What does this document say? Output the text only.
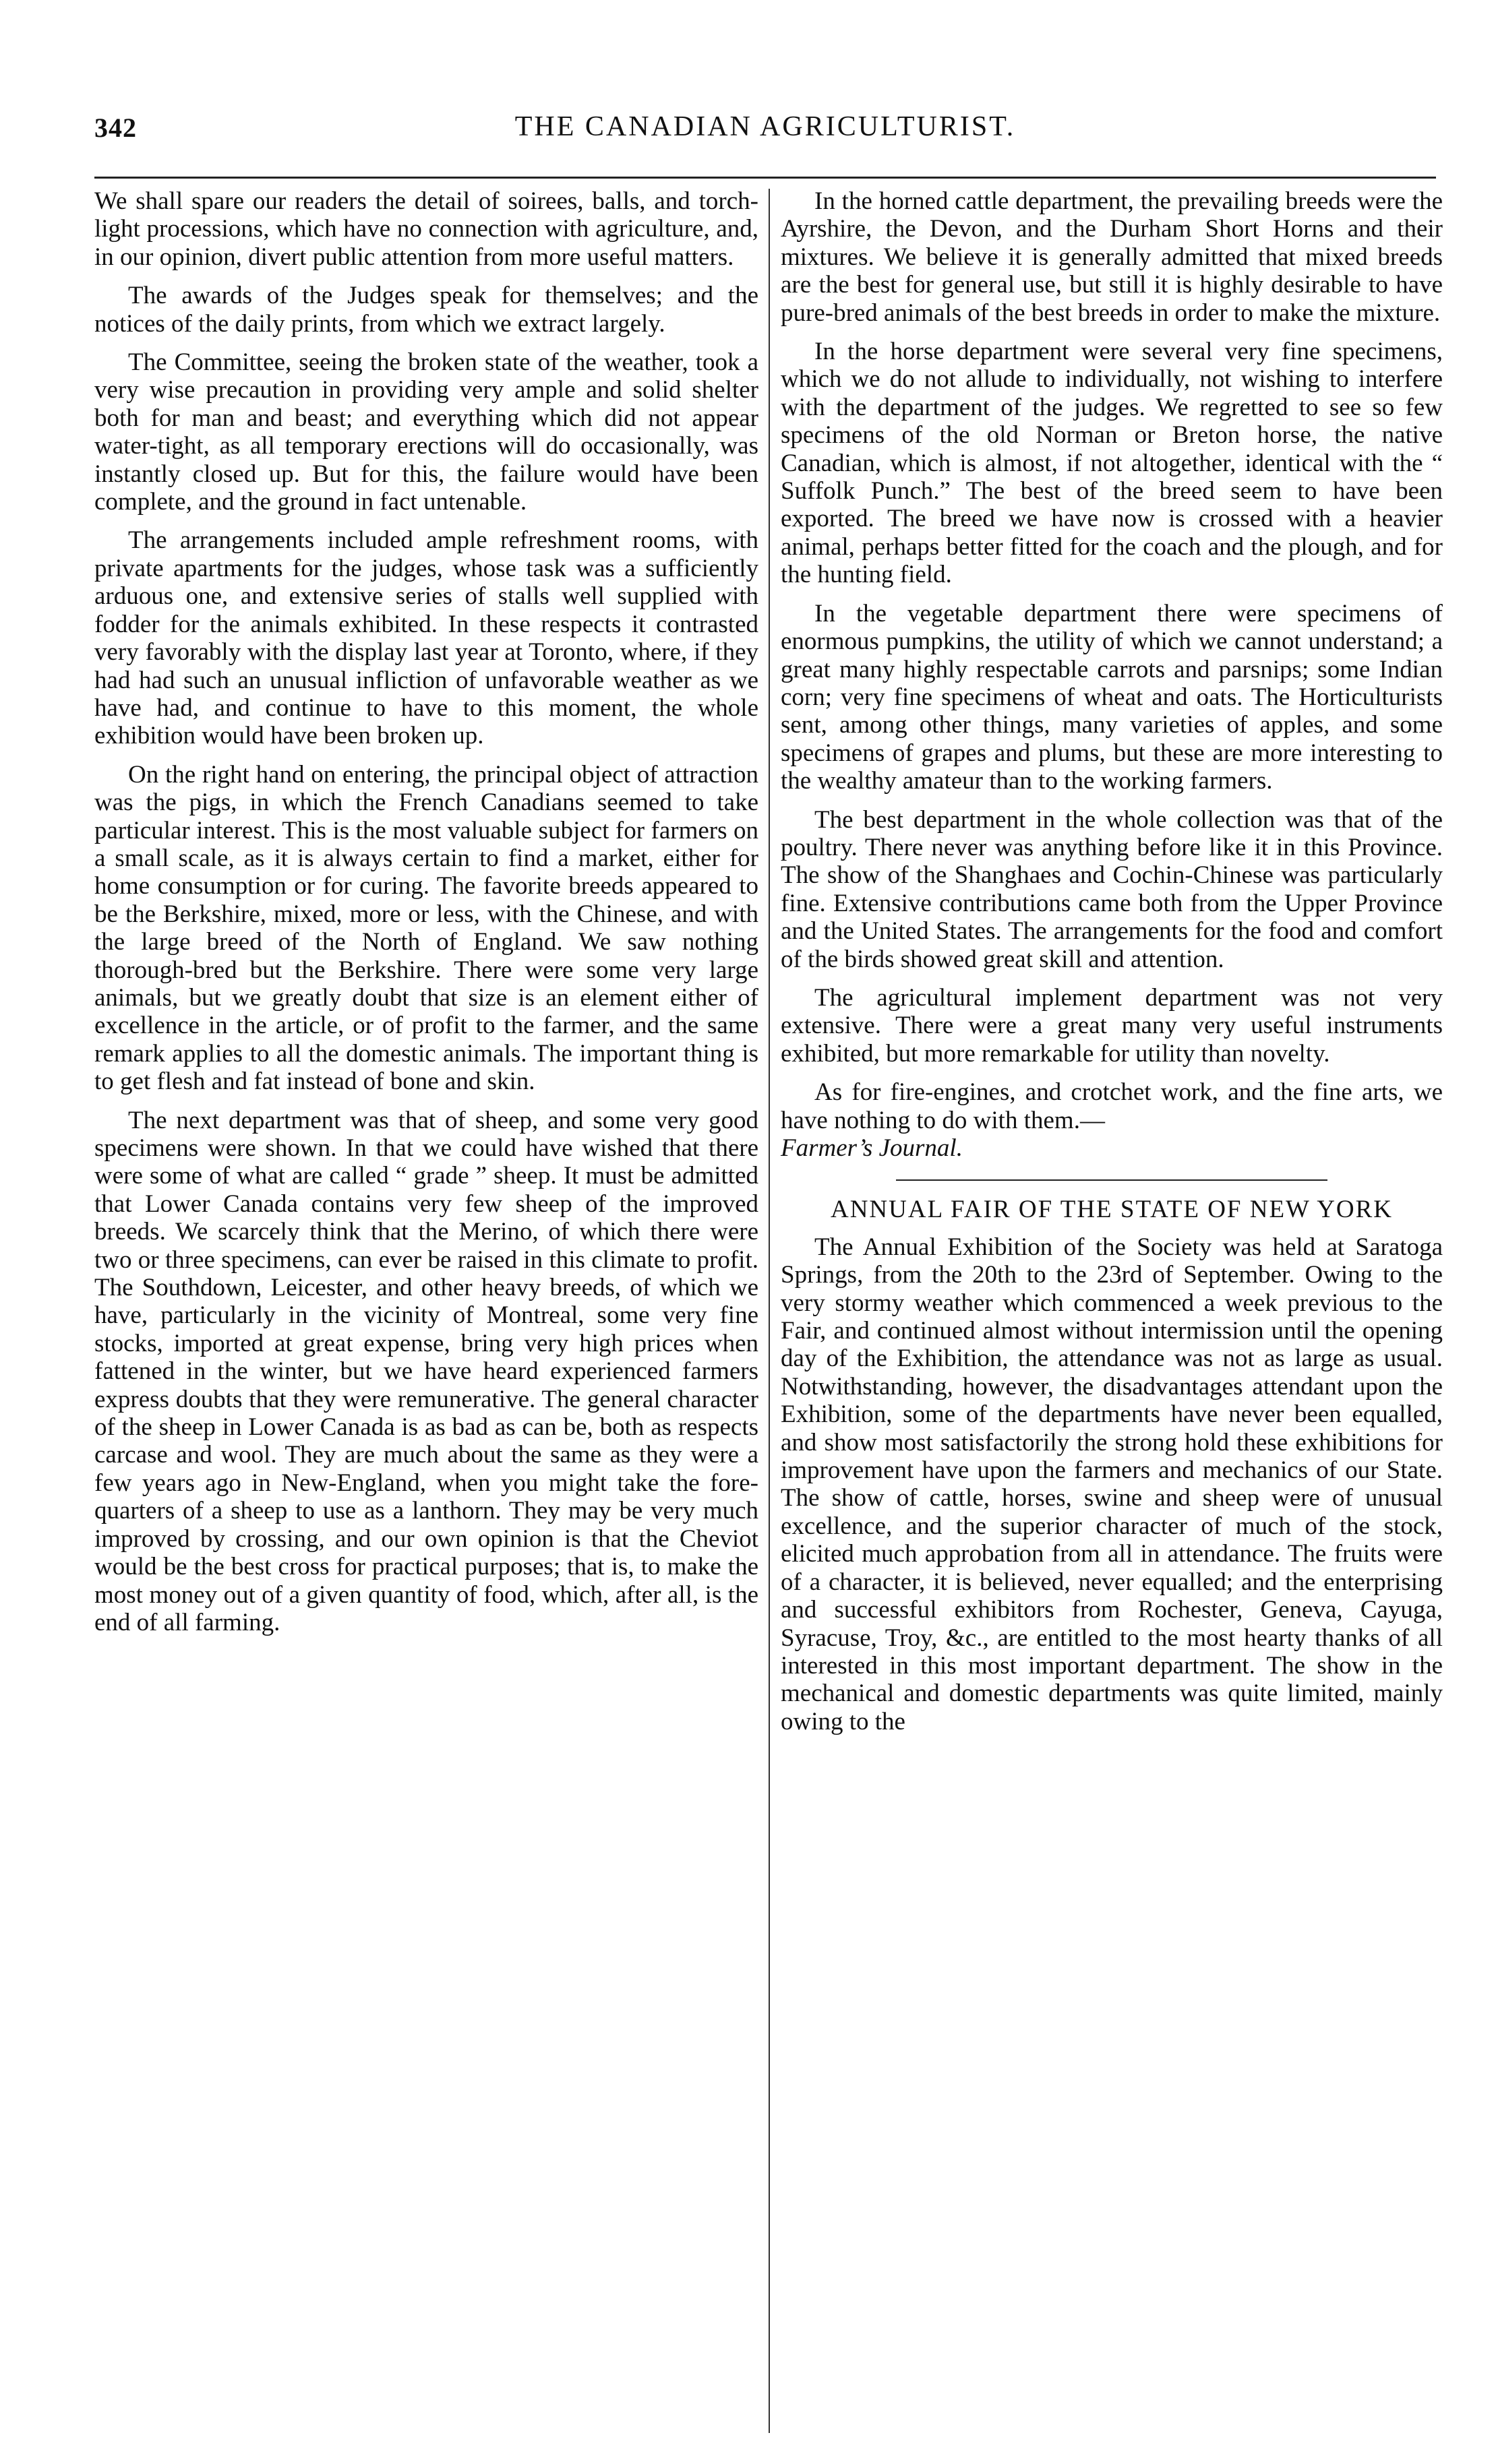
342	THE CANADIAN AGRICULTURIST.

We shall spare our readers the detail of soirees, balls, and torch-light processions, which have no connection with agriculture, and, in our opinion, divert public attention from more useful matters.

The awards of the Judges speak for themselves; and the notices of the daily prints, from which we extract largely.

The Committee, seeing the broken state of the weather, took a very wise precaution in providing very ample and solid shelter both for man and beast; and everything which did not appear water-tight, as all temporary erections will do occasionally, was instantly closed up. But for this, the failure would have been complete, and the ground in fact untenable.

The arrangements included ample refreshment rooms, with private apartments for the judges, whose task was a sufficiently arduous one, and extensive series of stalls well supplied with fodder for the animals exhibited. In these respects it contrasted very favorably with the display last year at Toronto, where, if they had had such an unusual infliction of unfavorable weather as we have had, and continue to have to this moment, the whole exhibition would have been broken up.

On the right hand on entering, the principal object of attraction was the pigs, in which the French Canadians seemed to take particular interest. This is the most valuable subject for farmers on a small scale, as it is always certain to find a market, either for home consumption or for curing. The favorite breeds appeared to be the Berkshire, mixed, more or less, with the Chinese, and with the large breed of the North of England. We saw nothing thorough-bred but the Berkshire. There were some very large animals, but we greatly doubt that size is an element either of excellence in the article, or of profit to the farmer, and the same remark applies to all the domestic animals. The important thing is to get flesh and fat instead of bone and skin.

The next department was that of sheep, and some very good specimens were shown. In that we could have wished that there were some of what are called “ grade ” sheep. It must be admitted that Lower Canada contains very few sheep of the improved breeds. We scarcely think that the Merino, of which there were two or three specimens, can ever be raised in this climate to profit. The Southdown, Leicester, and other heavy breeds, of which we have, particularly in the vicinity of Montreal, some very fine stocks, imported at great expense, bring very high prices when fattened in the winter, but we have heard experienced farmers express doubts that they were remunerative. The general character of the sheep in Lower Canada is as bad as can be, both as respects carcase and wool. They are much about the same as they were a few years ago in New-England, when you might take the fore-quarters of a sheep to use as a lanthorn. They may be very much improved by crossing, and our own opinion is that the Cheviot would be the best cross for practical purposes; that is, to make the most money out of a given quantity of food, which, after all, is the end of all farming.

In the horned cattle department, the prevailing breeds were the Ayrshire, the Devon, and the Durham Short Horns and their mixtures. We believe it is generally admitted that mixed breeds are the best for general use, but still it is highly desirable to have pure-bred animals of the best breeds in order to make the mixture.

In the horse department were several very fine specimens, which we do not allude to individually, not wishing to interfere with the department of the judges. We regretted to see so few specimens of the old Norman or Breton horse, the native Canadian, which is almost, if not altogether, identical with the “ Suffolk Punch.” The best of the breed seem to have been exported. The breed we have now is crossed with a heavier animal, perhaps better fitted for the coach and the plough, and for the hunting field.

In the vegetable department there were specimens of enormous pumpkins, the utility of which we cannot understand; a great many highly respectable carrots and parsnips; some Indian corn; very fine specimens of wheat and oats. The Horticulturists sent, among other things, many varieties of apples, and some specimens of grapes and plums, but these are more interesting to the wealthy amateur than to the working farmers.

The best department in the whole collection was that of the poultry. There never was anything before like it in this Province. The show of the Shanghaes and Cochin-Chinese was particularly fine. Extensive contributions came both from the Upper Province and the United States. The arrangements for the food and comfort of the birds showed great skill and attention.

The agricultural implement department was not very extensive. There were a great many very useful instruments exhibited, but more remarkable for utility than novelty.

As for fire-engines, and crotchet work, and the fine arts, we have nothing to do with them.—
Farmer’s Journal.

ANNUAL FAIR OF THE STATE OF NEW YORK

The Annual Exhibition of the Society was held at Saratoga Springs, from the 20th to the 23rd of September. Owing to the very stormy weather which commenced a week previous to the Fair, and continued almost without intermission until the opening day of the Exhibition, the attendance was not as large as usual. Notwithstanding, however, the disadvantages attendant upon the Exhibition, some of the departments have never been equalled, and show most satisfactorily the strong hold these exhibitions for improvement have upon the farmers and mechanics of our State. The show of cattle, horses, swine and sheep were of unusual excellence, and the superior character of much of the stock, elicited much approbation from all in attendance. The fruits were of a character, it is believed, never equalled; and the enterprising and successful exhibitors from Rochester, Geneva, Cayuga, Syracuse, Troy, &c., are entitled to the most hearty thanks of all interested in this most important department. The show in the mechanical and domestic departments was quite limited, mainly owing to the
